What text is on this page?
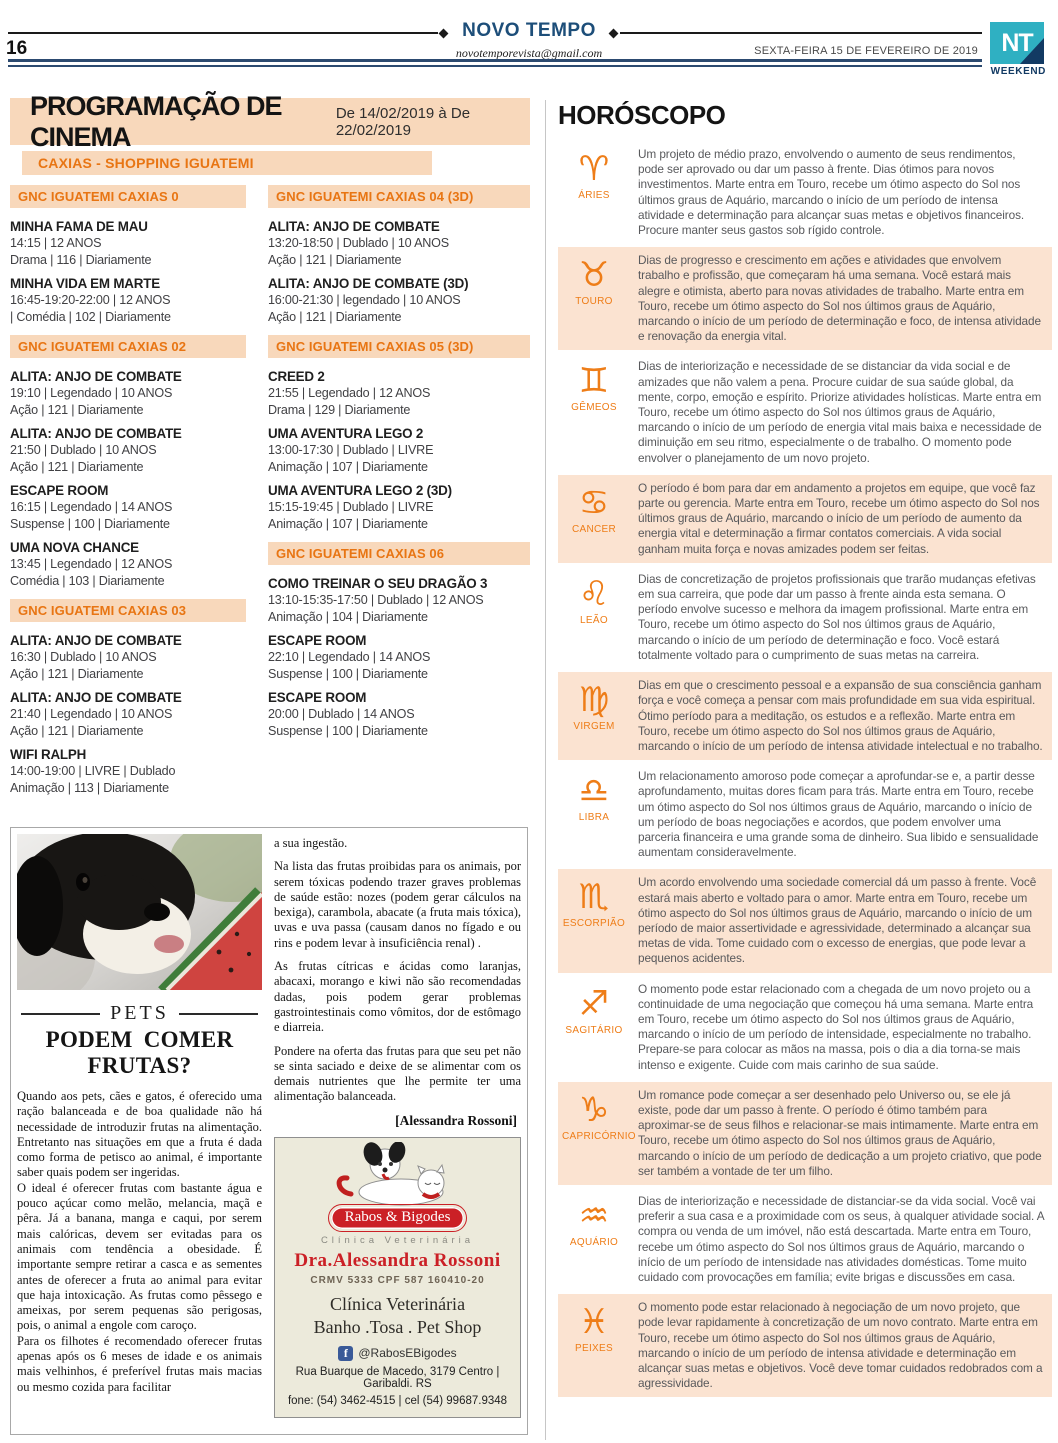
16
NOVO TEMPO
novotemporevista@gmail.com	SEXTA-FEIRA 15 DE FEVEREIRO DE 2019 NT
WEEKEND
PROGRAMAÇÃO DE CINEMA
De 14/02/2019 à De 22/02/2019
CAXIAS - SHOPPING IGUATEMI
GNC IGUATEMI CAXIAS 0
MINHA FAMA DE MAU
14:15 | 12 ANOS
Drama | 116 | Diariamente
MINHA VIDA EM MARTE
16:45-19:20-22:00 | 12 ANOS
| Comédia | 102 | Diariamente
GNC IGUATEMI CAXIAS 02
ALITA: ANJO DE COMBATE
19:10 | Legendado | 10 ANOS
Ação | 121 | Diariamente
ALITA: ANJO DE COMBATE
21:50 | Dublado | 10 ANOS
Ação | 121 | Diariamente
ESCAPE ROOM
16:15 | Legendado | 14 ANOS
Suspense | 100 | Diariamente
UMA NOVA CHANCE
13:45 | Legendado | 12 ANOS
Comédia | 103 | Diariamente
GNC IGUATEMI CAXIAS 03
ALITA: ANJO DE COMBATE
16:30 | Dublado | 10 ANOS
Ação | 121 | Diariamente
ALITA: ANJO DE COMBATE
21:40 | Legendado | 10 ANOS
Ação | 121 | Diariamente
WIFI RALPH
14:00-19:00 | LIVRE | Dublado
Animação | 113 | Diariamente
GNC IGUATEMI CAXIAS 04 (3D)
ALITA: ANJO DE COMBATE
13:20-18:50 | Dublado | 10 ANOS
Ação | 121 | Diariamente
ALITA: ANJO DE COMBATE (3D)
16:00-21:30 | legendado | 10 ANOS
Ação | 121 | Diariamente
GNC IGUATEMI CAXIAS 05 (3D)
CREED 2
21:55 | Legendado | 12 ANOS
Drama | 129 | Diariamente
UMA AVENTURA LEGO 2
13:00-17:30 | Dublado | LIVRE
Animação | 107 | Diariamente
UMA AVENTURA LEGO 2 (3D)
15:15-19:45 | Dublado | LIVRE
Animação | 107 | Diariamente
GNC IGUATEMI CAXIAS 06
COMO TREINAR O SEU DRAGÃO 3
13:10-15:35-17:50 | Dublado | 12 ANOS
Animação | 104 | Diariamente
ESCAPE ROOM
22:10 | Legendado | 14 ANOS
Suspense | 100 | Diariamente
ESCAPE ROOM
20:00 | Dublado | 14 ANOS
Suspense | 100 | Diariamente
PETS
PODEM COMER FRUTAS?

Quando aos pets, cães e gatos, é oferecido uma ração balanceada e de boa qualidade não há necessidade de introduzir frutas na alimentação. Entretanto nas situações em que a fruta é dada como forma de petisco ao animal, é importante saber quais podem ser ingeridas.

O ideal é oferecer frutas com bastante água e pouco açúcar como melão, melancia, maçã e pêra. Já a banana, manga e caqui, por serem mais calóricas, devem ser evitadas para os animais com tendência a obesidade. É importante sempre retirar a casca e as sementes antes de oferecer a fruta ao animal para evitar que haja intoxicação. As frutas como pêssego e ameixas, por serem pequenas são perigosas, pois, o animal a engole com caroço.

Para os filhotes é recomendado oferecer frutas apenas após os 6 meses de idade e os animais mais velhinhos, é preferível frutas mais macias ou mesmo cozida para facilitar

a sua ingestão.

Na lista das frutas proibidas para os animais, por serem tóxicas podendo trazer graves problemas de saúde estão: nozes (podem gerar cálculos na bexiga), carambola, abacate (a fruta mais tóxica), uvas e uva passa (causam danos no fígado e ou rins e podem levar à insuficiência renal) .

As frutas cítricas e ácidas como laranjas, abacaxi, morango e kiwi não são recomendadas dadas, pois podem gerar problemas gastrointestinais como vômitos, dor de estômago e diarreia.

Pondere na oferta das frutas para que seu pet não se sinta saciado e deixe de se alimentar com os demais nutrientes que lhe permite ter uma alimentação balanceada.

[Alessandra Rossoni]
Rabos & Bigodes
Clínica Veterinária
Dra.Alessandra Rossoni
CRMV 5333 CPF 587 160410-20
Clínica Veterinária
Banho .Tosa . Pet Shop
f @RabosEBigodes
Rua Buarque de Macedo, 3179 Centro | Garibaldi. RS
fone: (54) 3462-4515 | cel (54) 99687.9348
HORÓSCOPO
♈
ÁRIES

Um projeto de médio prazo, envolvendo o aumento de seus rendimentos, pode ser aprovado ou dar um passo à frente. Dias ótimos para novos investimentos. Marte entra em Touro, recebe um ótimo aspecto do Sol nos últimos graus de Aquário, marcando o início de um período de intensa atividade e determinação para alcançar suas metas e objetivos financeiros. Procure manter seus gastos sob rígido controle.

♉
TOURO

Dias de progresso e crescimento em ações e atividades que envolvem trabalho e profissão, que começaram há uma semana. Você estará mais alegre e otimista, aberto para novas atividades de trabalho. Marte entra em Touro, recebe um ótimo aspecto do Sol nos últimos graus de Aquário, marcando o início de um período de determinação e foco, de intensa atividade e renovação da energia vital.

♊
GÊMEOS

Dias de interiorização e necessidade de se distanciar da vida social e de amizades que não valem a pena. Procure cuidar de sua saúde global, da mente, corpo, emoção e espírito. Priorize atividades holísticas. Marte entra em Touro, recebe um ótimo aspecto do Sol nos últimos graus de Aquário, marcando o início de um período de energia vital mais baixa e necessidade de diminuição em seu ritmo, especialmente o de trabalho. O momento pode envolver o planejamento de um novo projeto.

♋
CANCER

O período é bom para dar em andamento a projetos em equipe, que você faz parte ou gerencia. Marte entra em Touro, recebe um ótimo aspecto do Sol nos últimos graus de Aquário, marcando o início de um período de aumento da energia vital e determinação a firmar contatos comerciais. A vida social ganham muita força e novas amizades podem ser feitas.

♌
LEÃO

Dias de concretização de projetos profissionais que trarão mudanças efetivas em sua carreira, que pode dar um passo à frente ainda esta semana. O período envolve sucesso e melhora da imagem profissional. Marte entra em Touro, recebe um ótimo aspecto do Sol nos últimos graus de Aquário, marcando o início de um período de determinação e foco. Você estará totalmente voltado para o cumprimento de suas metas na carreira.

♍
VIRGEM

Dias em que o crescimento pessoal e a expansão de sua consciência ganham força e você começa a pensar com mais profundidade em sua vida espiritual. Ótimo período para a meditação, os estudos e a reflexão. Marte entra em Touro, recebe um ótimo aspecto do Sol nos últimos graus de Aquário, marcando o início de um período de intensa atividade intelectual e no trabalho.

♎
LIBRA

Um relacionamento amoroso pode começar a aprofundar-se e, a partir desse aprofundamento, muitas dores ficam para trás. Marte entra em Touro, recebe um ótimo aspecto do Sol nos últimos graus de Aquário, marcando o início de um período de boas negociações e acordos, que podem envolver uma parceria financeira e uma grande soma de dinheiro. Sua libido e sensualidade aumentam consideravelmente.

♏
ESCORPIÃO

Um acordo envolvendo uma sociedade comercial dá um passo à frente. Você estará mais aberto e voltado para o amor. Marte entra em Touro, recebe um ótimo aspecto do Sol nos últimos graus de Aquário, marcando o início de um período de maior assertividade e agressividade, determinado a alcançar sua metas de vida. Tome cuidado com o excesso de energias, que pode levar a pequenos acidentes.

♐
SAGITÁRIO

O momento pode estar relacionado com a chegada de um novo projeto ou a continuidade de uma negociação que começou há uma semana. Marte entra em Touro, recebe um ótimo aspecto do Sol nos últimos graus de Aquário, marcando o início de um período de intensidade, especialmente no trabalho. Prepare-se para colocar as mãos na massa, pois o dia a dia torna-se mais intenso e exigente. Cuide com mais carinho de sua saúde.

♑
CAPRICÓRNIO

Um romance pode começar a ser desenhado pelo Universo ou, se ele já existe, pode dar um passo à frente. O período é ótimo também para aproximar-se de seus filhos e relacionar-se mais intimamente. Marte entra em Touro, recebe um ótimo aspecto do Sol nos últimos graus de Aquário, marcando o início de um período de dedicação a um projeto criativo, que pode ser também a vontade de ter um filho.

♒
AQUÁRIO

Dias de interiorização e necessidade de distanciar-se da vida social. Você vai preferir a sua casa e a proximidade com os seus, à qualquer atividade social. A compra ou venda de um imóvel, não está descartada. Marte entra em Touro, recebe um ótimo aspecto do Sol nos últimos graus de Aquário, marcando o início de um período de intensidade nas atividades domésticas. Tome muito cuidado com provocações em família; evite brigas e discussões em casa.

♓
PEIXES

O momento pode estar relacionado à negociação de um novo projeto, que pode levar rapidamente à concretização de um novo contrato. Marte entra em Touro, recebe um ótimo aspecto do Sol nos últimos graus de Aquário, marcando o início de um período de intensa atividade e determinação em alcançar suas metas e objetivos. Você deve tomar cuidados redobrados com a agressividade.
